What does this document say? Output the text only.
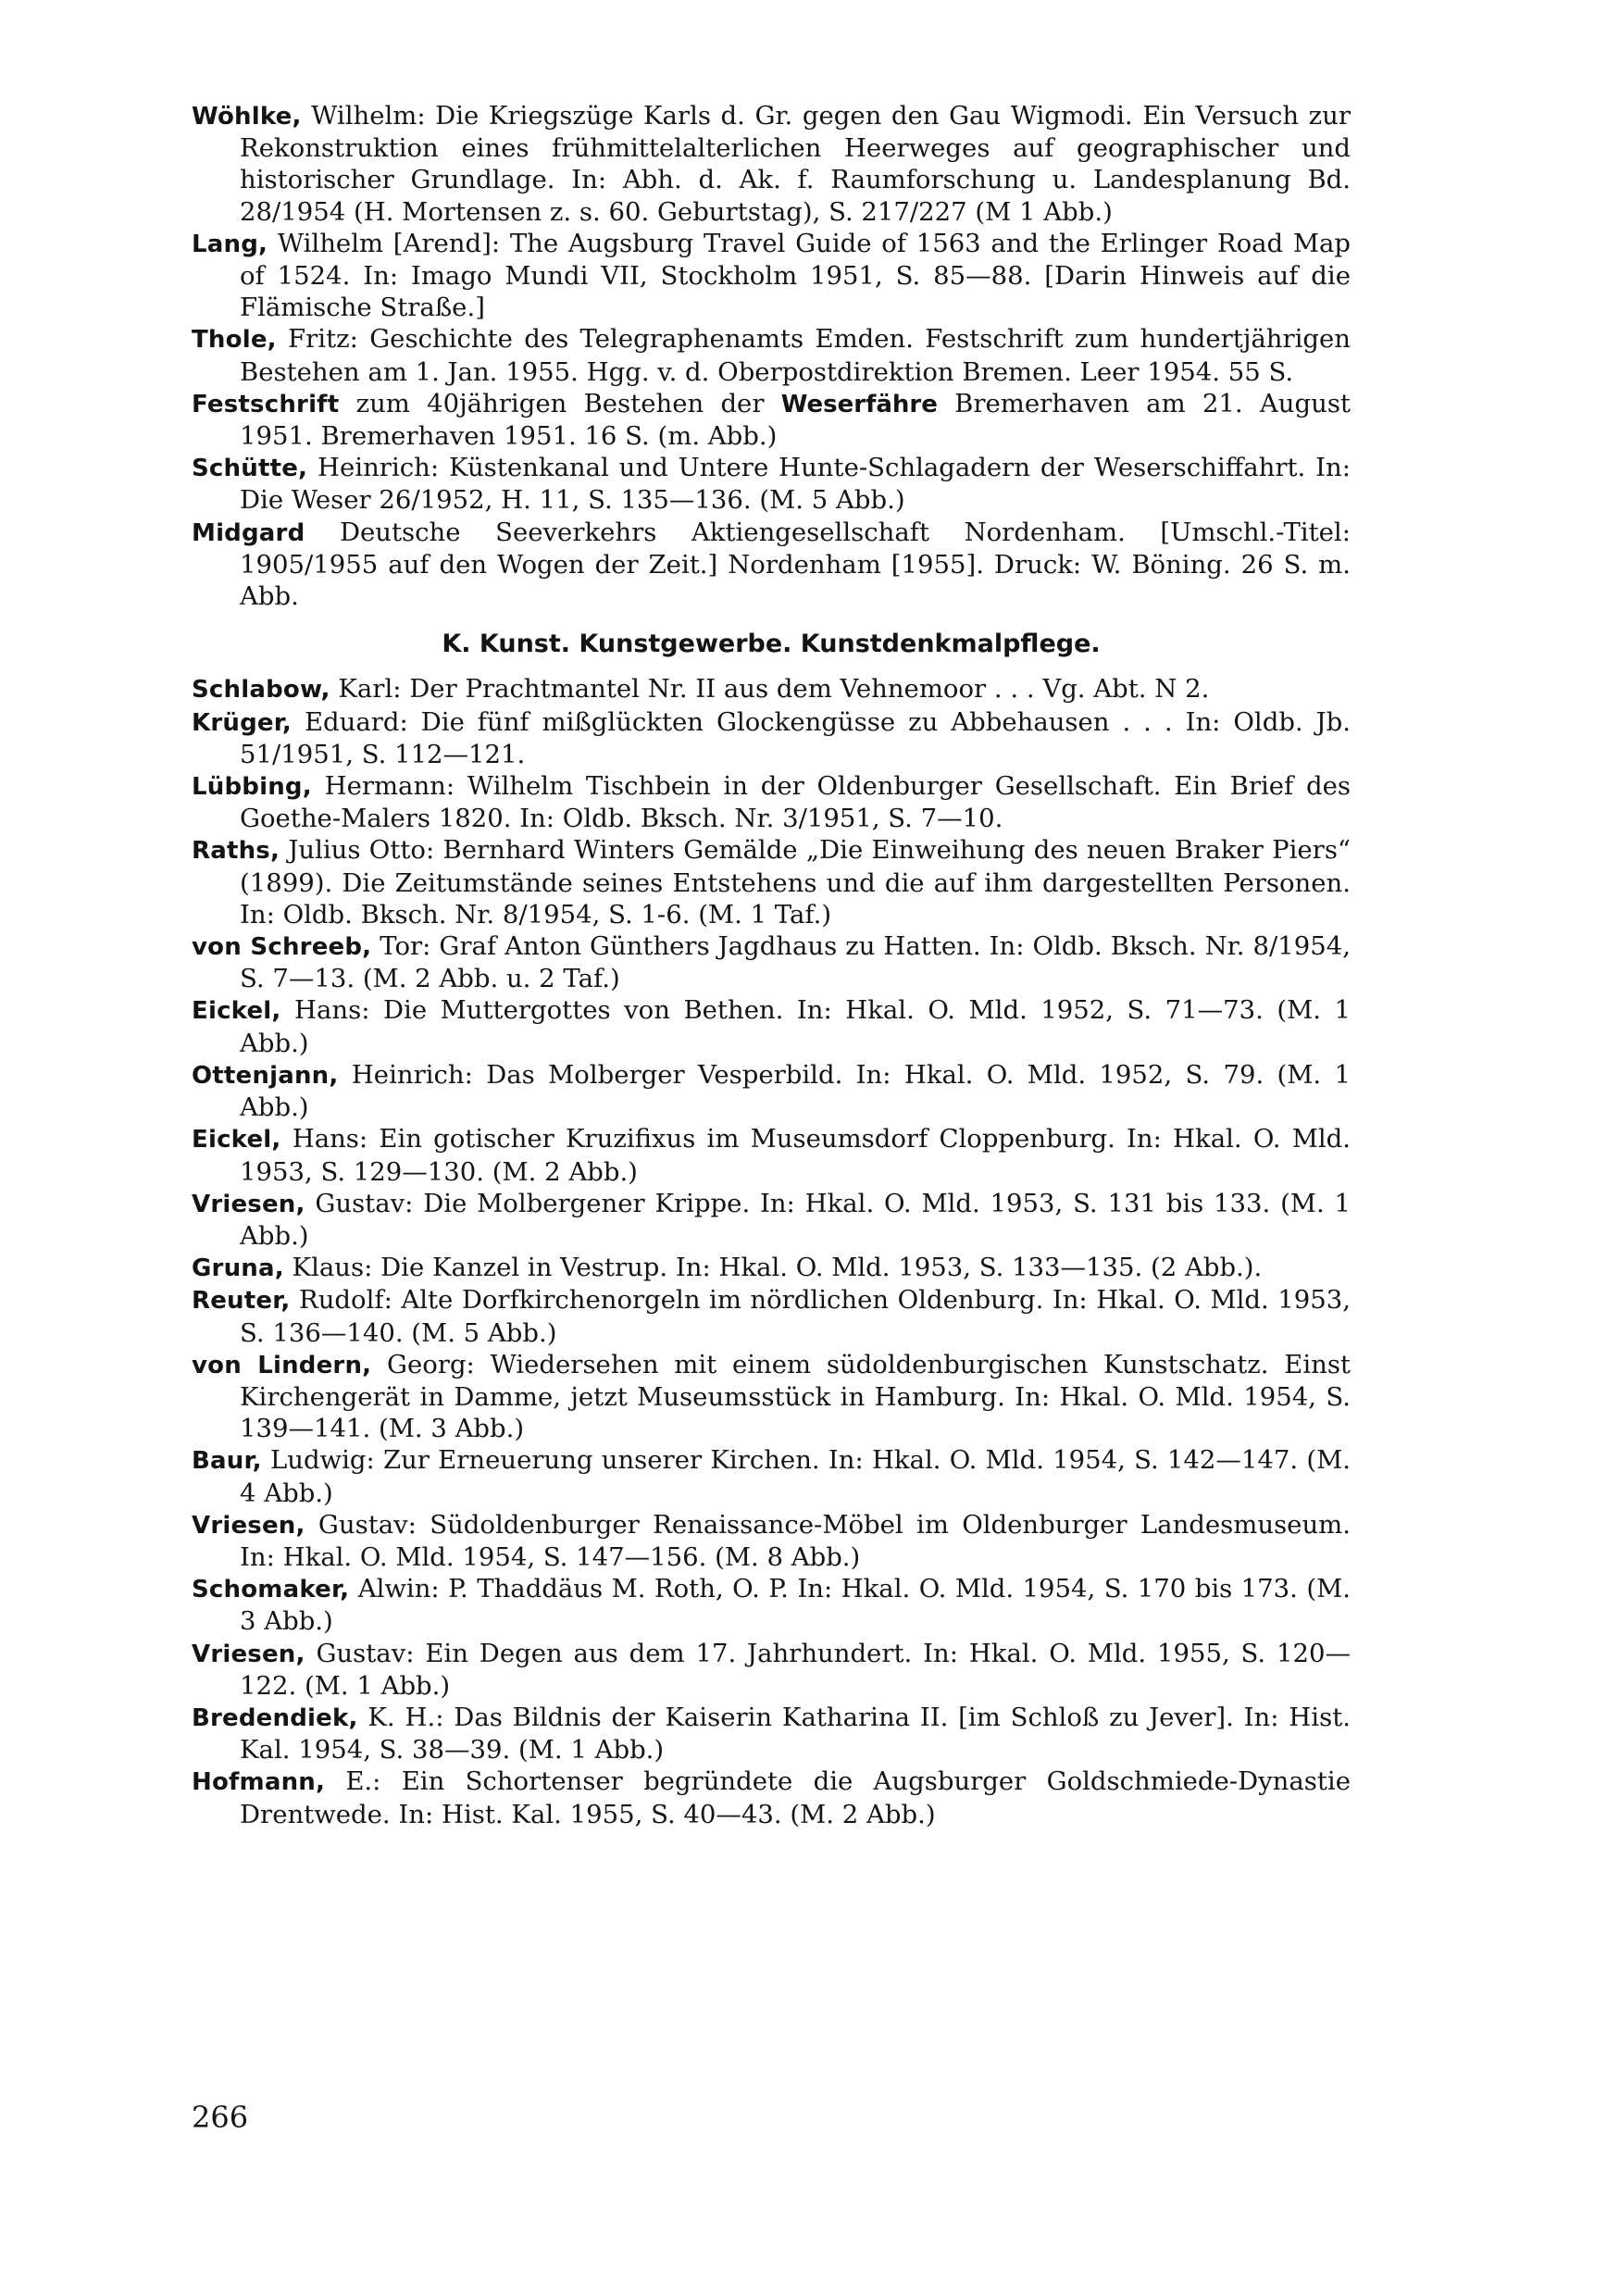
Wöhlke, Wilhelm: Die Kriegszüge Karls d. Gr. gegen den Gau Wigmodi. Ein Versuch zur Rekonstruktion eines frühmittelalterlichen Heerweges auf geographischer und historischer Grundlage. In: Abh. d. Ak. f. Raumforschung u. Landesplanung Bd. 28/1954 (H. Mortensen z. s. 60. Geburtstag), S. 217/227 (M 1 Abb.)

Lang, Wilhelm [Arend]: The Augsburg Travel Guide of 1563 and the Erlinger Road Map of 1524. In: Imago Mundi VII, Stockholm 1951, S. 85—88. [Darin Hinweis auf die Flämische Straße.]

Thole, Fritz: Geschichte des Telegraphenamts Emden. Festschrift zum hundertjährigen Bestehen am 1. Jan. 1955. Hgg. v. d. Oberpostdirektion Bremen. Leer 1954. 55 S.

Festschrift zum 40jährigen Bestehen der Weserfähre Bremerhaven am 21. August 1951. Bremerhaven 1951. 16 S. (m. Abb.)

Schütte, Heinrich: Küstenkanal und Untere Hunte-Schlagadern der Weserschiffahrt. In: Die Weser 26/1952, H. 11, S. 135—136. (M. 5 Abb.)

Midgard Deutsche Seeverkehrs Aktiengesellschaft Nordenham. [Umschl.-Titel: 1905/1955 auf den Wogen der Zeit.] Nordenham [1955]. Druck: W. Böning. 26 S. m. Abb.

K. Kunst. Kunstgewerbe. Kunstdenkmalpflege.

Schlabow, Karl: Der Prachtmantel Nr. II aus dem Vehnemoor . . . Vg. Abt. N 2.

Krüger, Eduard: Die fünf mißglückten Glockengüsse zu Abbehausen . . . In: Oldb. Jb. 51/1951, S. 112—121.

Lübbing, Hermann: Wilhelm Tischbein in der Oldenburger Gesellschaft. Ein Brief des Goethe-Malers 1820. In: Oldb. Bksch. Nr. 3/1951, S. 7—10.

Raths, Julius Otto: Bernhard Winters Gemälde „Die Einweihung des neuen Braker Piers“ (1899). Die Zeitumstände seines Entstehens und die auf ihm dargestellten Personen. In: Oldb. Bksch. Nr. 8/1954, S. 1-6. (M. 1 Taf.)

von Schreeb, Tor: Graf Anton Günthers Jagdhaus zu Hatten. In: Oldb. Bksch. Nr. 8/1954, S. 7—13. (M. 2 Abb. u. 2 Taf.)

Eickel, Hans: Die Muttergottes von Bethen. In: Hkal. O. Mld. 1952, S. 71—73. (M. 1 Abb.)

Ottenjann, Heinrich: Das Molberger Vesperbild. In: Hkal. O. Mld. 1952, S. 79. (M. 1 Abb.)

Eickel, Hans: Ein gotischer Kruzifixus im Museumsdorf Cloppenburg. In: Hkal. O. Mld. 1953, S. 129—130. (M. 2 Abb.)

Vriesen, Gustav: Die Molbergener Krippe. In: Hkal. O. Mld. 1953, S. 131 bis 133. (M. 1 Abb.)

Gruna, Klaus: Die Kanzel in Vestrup. In: Hkal. O. Mld. 1953, S. 133—135. (2 Abb.).

Reuter, Rudolf: Alte Dorfkirchenorgeln im nördlichen Oldenburg. In: Hkal. O. Mld. 1953, S. 136—140. (M. 5 Abb.)

von Lindern, Georg: Wiedersehen mit einem südoldenburgischen Kunstschatz. Einst Kirchengerät in Damme, jetzt Museumsstück in Hamburg. In: Hkal. O. Mld. 1954, S. 139—141. (M. 3 Abb.)

Baur, Ludwig: Zur Erneuerung unserer Kirchen. In: Hkal. O. Mld. 1954, S. 142—147. (M. 4 Abb.)

Vriesen, Gustav: Südoldenburger Renaissance-Möbel im Oldenburger Landesmuseum. In: Hkal. O. Mld. 1954, S. 147—156. (M. 8 Abb.)

Schomaker, Alwin: P. Thaddäus M. Roth, O. P. In: Hkal. O. Mld. 1954, S. 170 bis 173. (M. 3 Abb.)

Vriesen, Gustav: Ein Degen aus dem 17. Jahrhundert. In: Hkal. O. Mld. 1955, S. 120—122. (M. 1 Abb.)

Bredendiek, K. H.: Das Bildnis der Kaiserin Katharina II. [im Schloß zu Jever]. In: Hist. Kal. 1954, S. 38—39. (M. 1 Abb.)

Hofmann, E.: Ein Schortenser begründete die Augsburger Goldschmiede-Dynastie Drentwede. In: Hist. Kal. 1955, S. 40—43. (M. 2 Abb.)

266
